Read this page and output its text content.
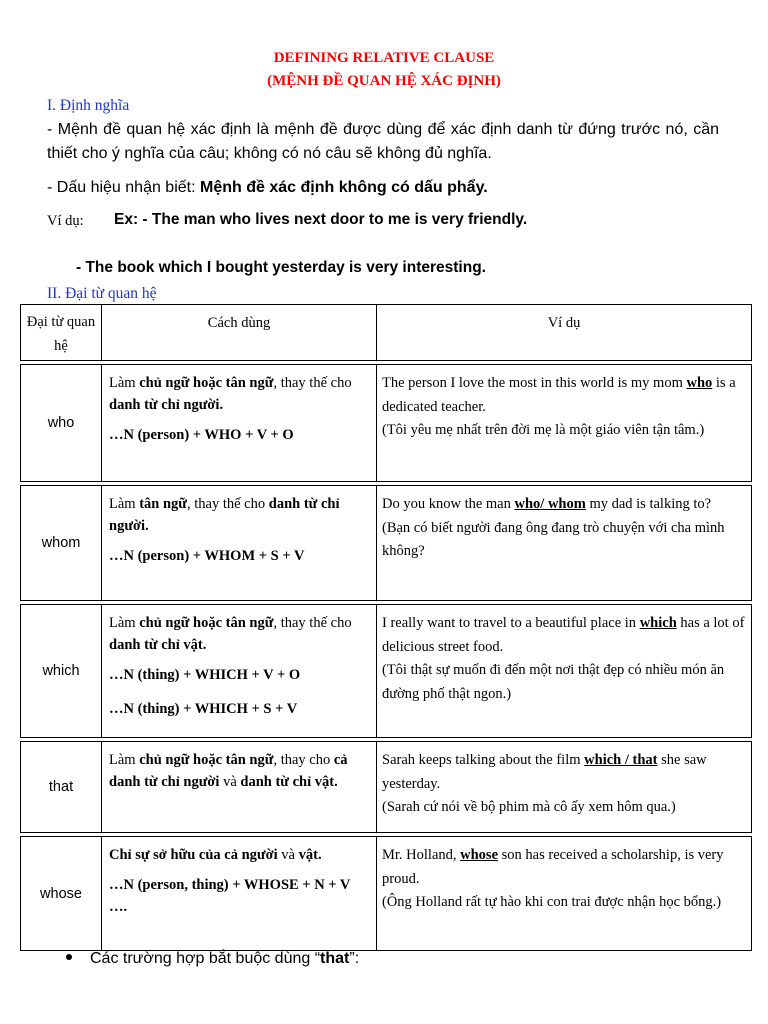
DEFINING RELATIVE CLAUSE
(MỆNH ĐỀ QUAN HỆ XÁC ĐỊNH)
I. Định nghĩa
- Mệnh đề quan hệ xác định là mệnh đề được dùng để xác định danh từ đứng trước nó, cần thiết cho ý nghĩa của câu; không có nó câu sẽ không đủ nghĩa.
- Dấu hiệu nhận biết: Mệnh đề xác định không có dấu phẩy.
Ví dụ: Ex: - The man who lives next door to me is very friendly.
- The book which I bought yesterday is very interesting.
II. Đại từ quan hệ
Đại từ quan hệ	Cách dùng	Ví dụ

who	Làm chủ ngữ hoặc tân ngữ, thay thế cho danh từ chỉ người.
…N (person) + WHO + V + O	The person I love the most in this world is my mom who is a dedicated teacher.
(Tôi yêu mẹ nhất trên đời mẹ là một giáo viên tận tâm.)

whom	Làm tân ngữ, thay thế cho danh từ chỉ người.
…N (person) + WHOM + S + V	Do you know the man who/ whom my dad is talking to?
(Bạn có biết người đang ông đang trò chuyện với cha mình không?

which	Làm chủ ngữ hoặc tân ngữ, thay thế cho danh từ chỉ vật.
…N (thing) + WHICH + V + O
…N (thing) + WHICH + S + V	I really want to travel to a beautiful place in which has a lot of delicious street food.
(Tôi thật sự muốn đi đến một nơi thật đẹp có nhiều món ăn đường phố thật ngon.)

that	Làm chủ ngữ hoặc tân ngữ, thay cho cả danh từ chỉ người và danh từ chỉ vật.	Sarah keeps talking about the film which / that she saw yesterday.
(Sarah cứ nói về bộ phim mà cô ấy xem hôm qua.)

whose	Chỉ sự sở hữu của cả người và vật.
…N (person, thing) + WHOSE + N + V ….	Mr. Holland, whose son has received a scholarship, is very proud.
(Ông Holland rất tự hào khi con trai được nhận học bổng.)
Các trường hợp bắt buộc dùng “that”:
